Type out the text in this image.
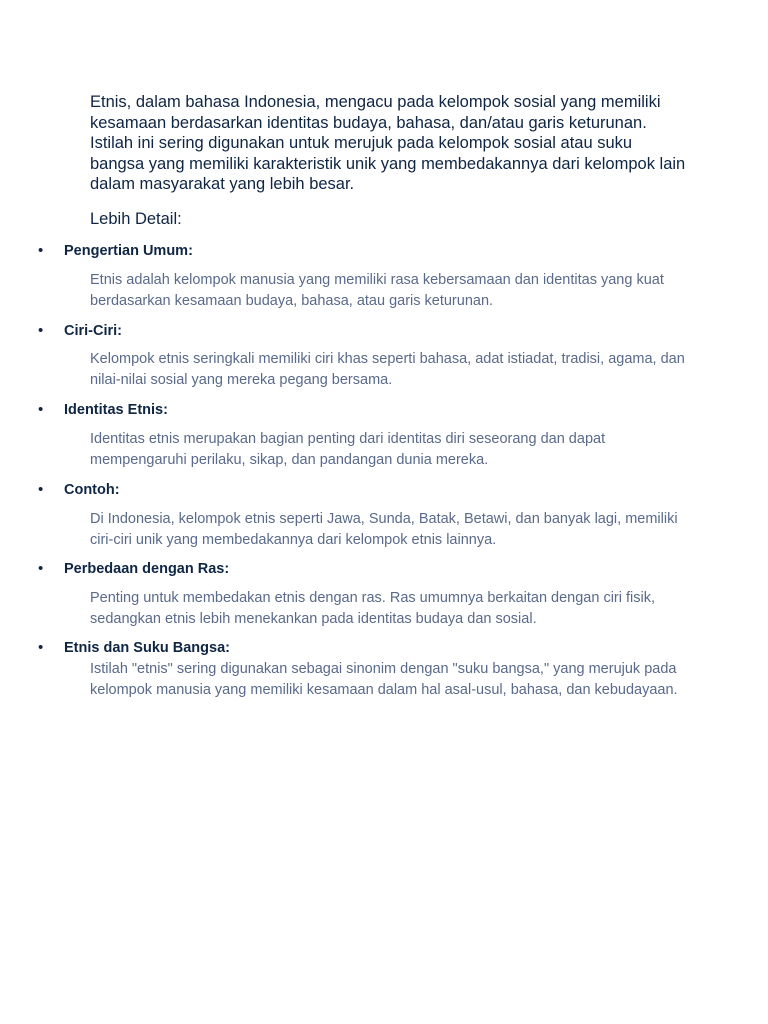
Etnis, dalam bahasa Indonesia, mengacu pada kelompok sosial yang memiliki kesamaan berdasarkan identitas budaya, bahasa, dan/atau garis keturunan. Istilah ini sering digunakan untuk merujuk pada kelompok sosial atau suku bangsa yang memiliki karakteristik unik yang membedakannya dari kelompok lain dalam masyarakat yang lebih besar.

Lebih Detail:

• Pengertian Umum:
Etnis adalah kelompok manusia yang memiliki rasa kebersamaan dan identitas yang kuat berdasarkan kesamaan budaya, bahasa, atau garis keturunan.
• Ciri-Ciri:
Kelompok etnis seringkali memiliki ciri khas seperti bahasa, adat istiadat, tradisi, agama, dan nilai-nilai sosial yang mereka pegang bersama.
• Identitas Etnis:
Identitas etnis merupakan bagian penting dari identitas diri seseorang dan dapat mempengaruhi perilaku, sikap, dan pandangan dunia mereka.
• Contoh:
Di Indonesia, kelompok etnis seperti Jawa, Sunda, Batak, Betawi, dan banyak lagi, memiliki ciri-ciri unik yang membedakannya dari kelompok etnis lainnya.
• Perbedaan dengan Ras:
Penting untuk membedakan etnis dengan ras. Ras umumnya berkaitan dengan ciri fisik, sedangkan etnis lebih menekankan pada identitas budaya dan sosial.
• Etnis dan Suku Bangsa:
Istilah "etnis" sering digunakan sebagai sinonim dengan "suku bangsa," yang merujuk pada kelompok manusia yang memiliki kesamaan dalam hal asal-usul, bahasa, dan kebudayaan.
